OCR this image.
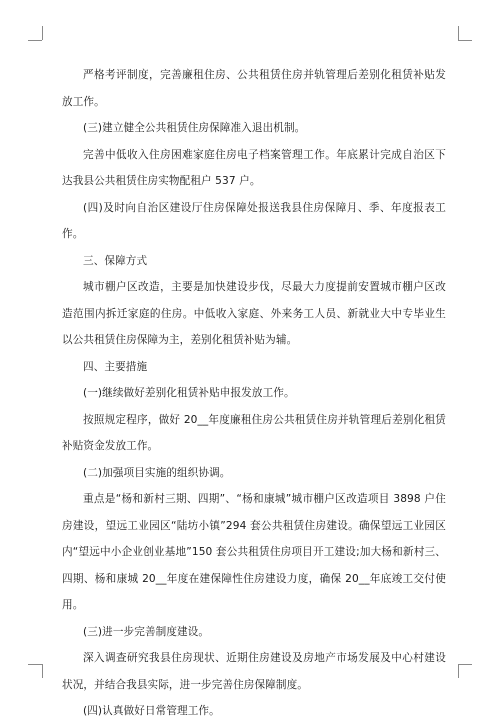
严格考评制度，完善廉租住房、公共租赁住房并轨管理后差别化租赁补贴发放工作。

(三)建立健全公共租赁住房保障准入退出机制。

完善中低收入住房困难家庭住房电子档案管理工作。年底累计完成自治区下达我县公共租赁住房实物配租户 537 户。

(四)及时向自治区建设厅住房保障处报送我县住房保障月、季、年度报表工作。

三、保障方式

城市棚户区改造，主要是加快建设步伐，尽最大力度提前安置城市棚户区改造范围内拆迁家庭的住房。中低收入家庭、外来务工人员、新就业大中专毕业生以公共租赁住房保障为主，差别化租赁补贴为辅。

四、主要措施

(一)继续做好差别化租赁补贴申报发放工作。

按照规定程序，做好 20__年度廉租住房公共租赁住房并轨管理后差别化租赁补贴资金发放工作。

(二)加强项目实施的组织协调。

重点是“杨和新村三期、四期”、“杨和康城”城市棚户区改造项目 3898 户住房建设，望远工业园区“陆坊小镇”294 套公共租赁住房建设。确保望远工业园区内“望远中小企业创业基地”150 套公共租赁住房项目开工建设;加大杨和新村三、四期、杨和康城 20__年度在建保障性住房建设力度，确保 20__年底竣工交付使用。

(三)进一步完善制度建设。

深入调查研究我县住房现状、近期住房建设及房地产市场发展及中心村建设状况，并结合我县实际，进一步完善住房保障制度。

(四)认真做好日常管理工作。
